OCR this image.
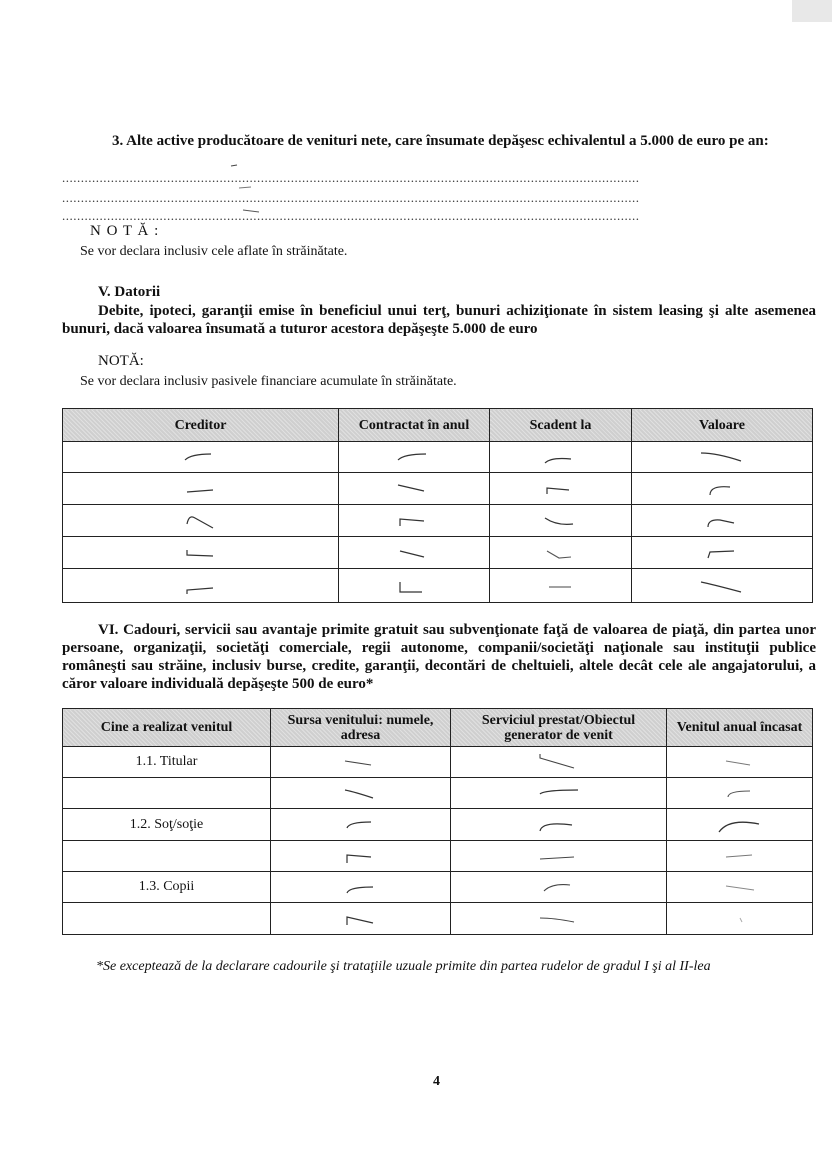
3. Alte active producătoare de venituri nete, care însumate depăşesc echivalentul a 5.000 de euro pe an:
..........................................................................................................................................................
..........................................................................................................................................................
..........................................................................................................................................................
N O T Ă :
Se vor declara inclusiv cele aflate în străinătate.
V. Datorii
Debite, ipoteci, garanţii emise în beneficiul unui terţ, bunuri achiziţionate în sistem leasing şi alte asemenea bunuri, dacă valoarea însumată a tuturor acestora depăşeşte 5.000 de euro
NOTĂ:
Se vor declara inclusiv pasivele financiare acumulate în străinătate.
Creditor	Contractat în anul	Scadent la	Valoare

VI. Cadouri, servicii sau avantaje primite gratuit sau subvenţionate faţă de valoarea de piaţă, din partea unor persoane, organizaţii, societăţi comerciale, regii autonome, companii/societăţi naţionale sau instituţii publice româneşti sau străine, inclusiv burse, credite, garanţii, decontări de cheltuieli, altele decât cele ale angajatorului, a căror valoare individuală depăşeşte 500 de euro*
Cine a realizat venitul	Sursa venitului: numele, adresa	Serviciul prestat/Obiectul generator de venit	Venitul anual încasat
1.1. Titular	

1.2. Soţ/soţie	

1.3. Copii	

*Se exceptează de la declarare cadourile şi trataţiile uzuale primite din partea rudelor de gradul I şi al II-lea
4
